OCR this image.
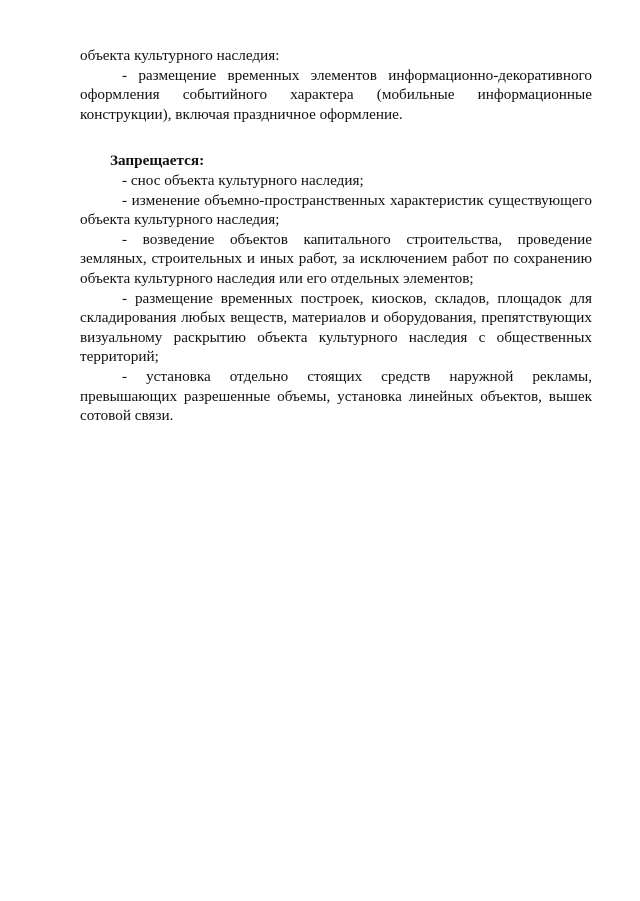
объекта культурного наследия:

- размещение временных элементов информационно-декоративного оформления событийного характера (мобильные информационные конструкции), включая праздничное оформление.

Запрещается:

- снос объекта культурного наследия;

- изменение объемно-пространственных характеристик существующего объекта культурного наследия;

- возведение объектов капитального строительства, проведение земляных, строительных и иных работ, за исключением работ по сохранению объекта культурного наследия или его отдельных элементов;

- размещение временных построек, киосков, складов, площадок для складирования любых веществ, материалов и оборудования, препятствующих визуальному раскрытию объекта культурного наследия с общественных территорий;

- установка отдельно стоящих средств наружной рекламы, превышающих разрешенные объемы, установка линейных объектов, вышек сотовой связи.
